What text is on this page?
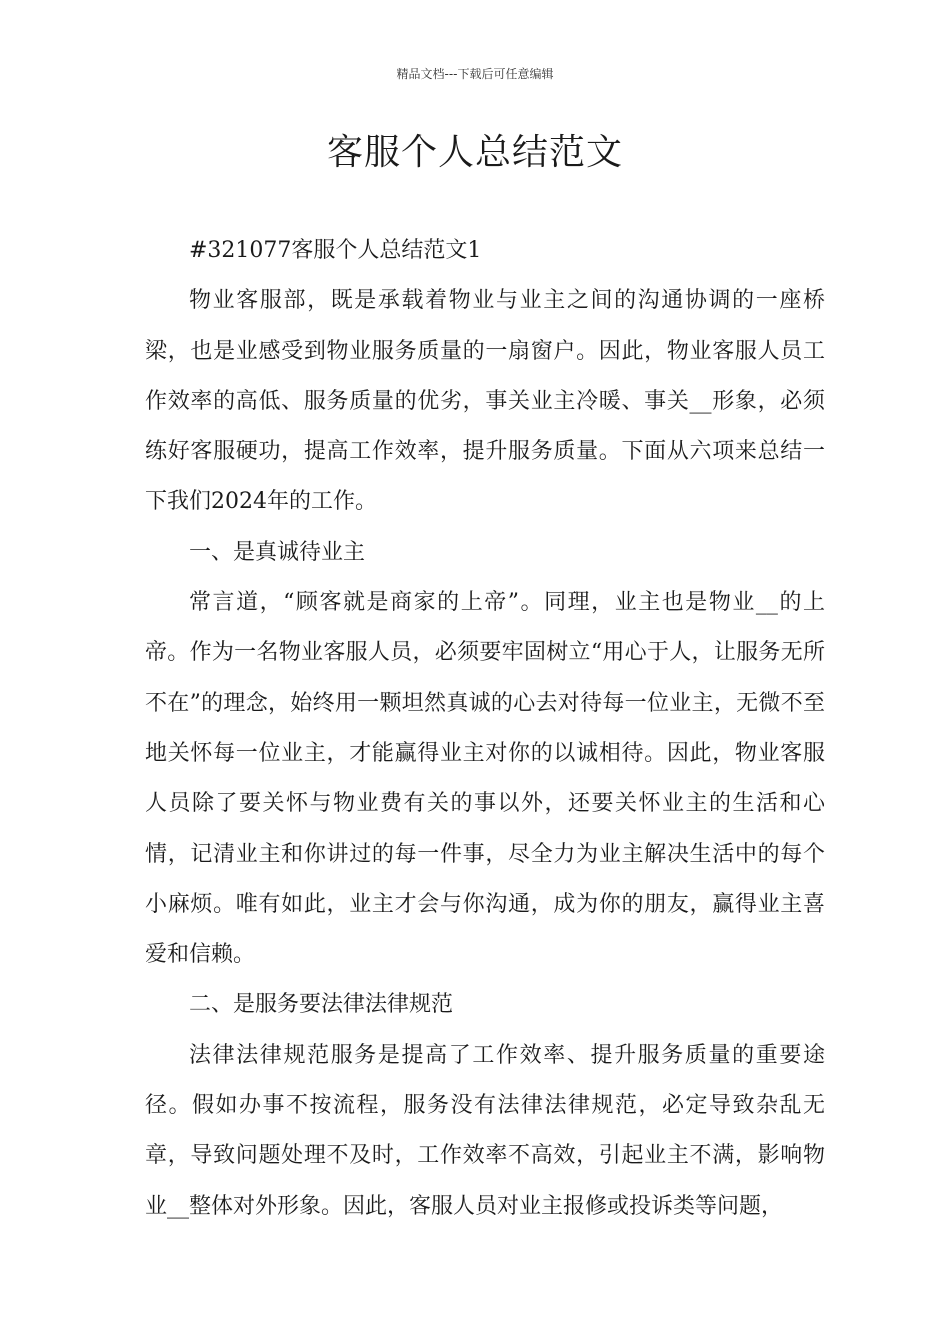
精品文档---下载后可任意编辑
客服个人总结范文

#321077客服个人总结范文1

物业客服部，既是承载着物业与业主之间的沟通协调的一座桥梁，也是业感受到物业服务质量的一扇窗户。因此，物业客服人员工作效率的高低、服务质量的优劣，事关业主冷暖、事关__形象，必须练好客服硬功，提高工作效率，提升服务质量。下面从六项来总结一下我们2024年的工作。

一、是真诚待业主

常言道，“顾客就是商家的上帝”。同理，业主也是物业__的上帝。作为一名物业客服人员，必须要牢固树立“用心于人，让服务无所不在”的理念，始终用一颗坦然真诚的心去对待每一位业主，无微不至地关怀每一位业主，才能赢得业主对你的以诚相待。因此，物业客服人员除了要关怀与物业费有关的事以外，还要关怀业主的生活和心情，记清业主和你讲过的每一件事，尽全力为业主解决生活中的每个小麻烦。唯有如此，业主才会与你沟通，成为你的朋友，赢得业主喜爱和信赖。

二、是服务要法律法律规范

法律法律规范服务是提高了工作效率、提升服务质量的重要途径。假如办事不按流程，服务没有法律法律规范，必定导致杂乱无章，导致问题处理不及时，工作效率不高效，引起业主不满，影响物业__整体对外形象。因此，客服人员对业主报修或投诉类等问题，
